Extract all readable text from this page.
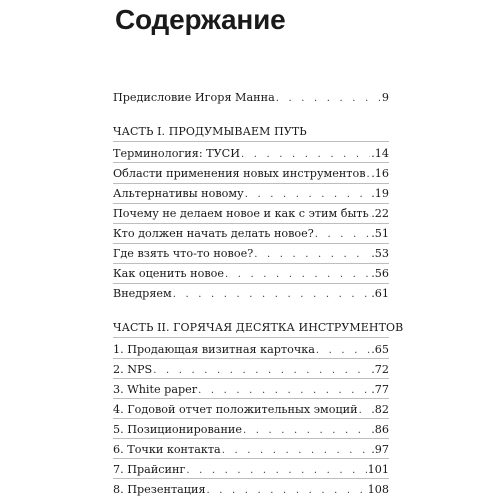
Содержание
Предисловие Игоря Манна . . .	9
ЧАСТЬ I. ПРОДУМЫВАЕМ ПУТЬ
Терминология: ТУСИ . . .	.14
Области применения новых инструментов . . . .16
Альтернативы новому . . .	.19
Почему не делаем новое и как с этим быть . . . .22
Кто должен начать делать новое? . . .	.51
Где взять что-то новое? . . .	.53
Как оценить новое . . .	.56
Внедряем . . .	.61
ЧАСТЬ II. ГОРЯЧАЯ ДЕСЯТКА ИНСТРУМЕНТОВ
1. Продающая визитная карточка . . .	.65
2. NPS . . .	.72
3. White paper . . .	.77
4. Годовой отчет положительных эмоций . . . .82
5. Позиционирование . . .	.86
6. Точки контакта . . .	.97
7. Прайсинг . . .	101
8. Презентация . . .	108
